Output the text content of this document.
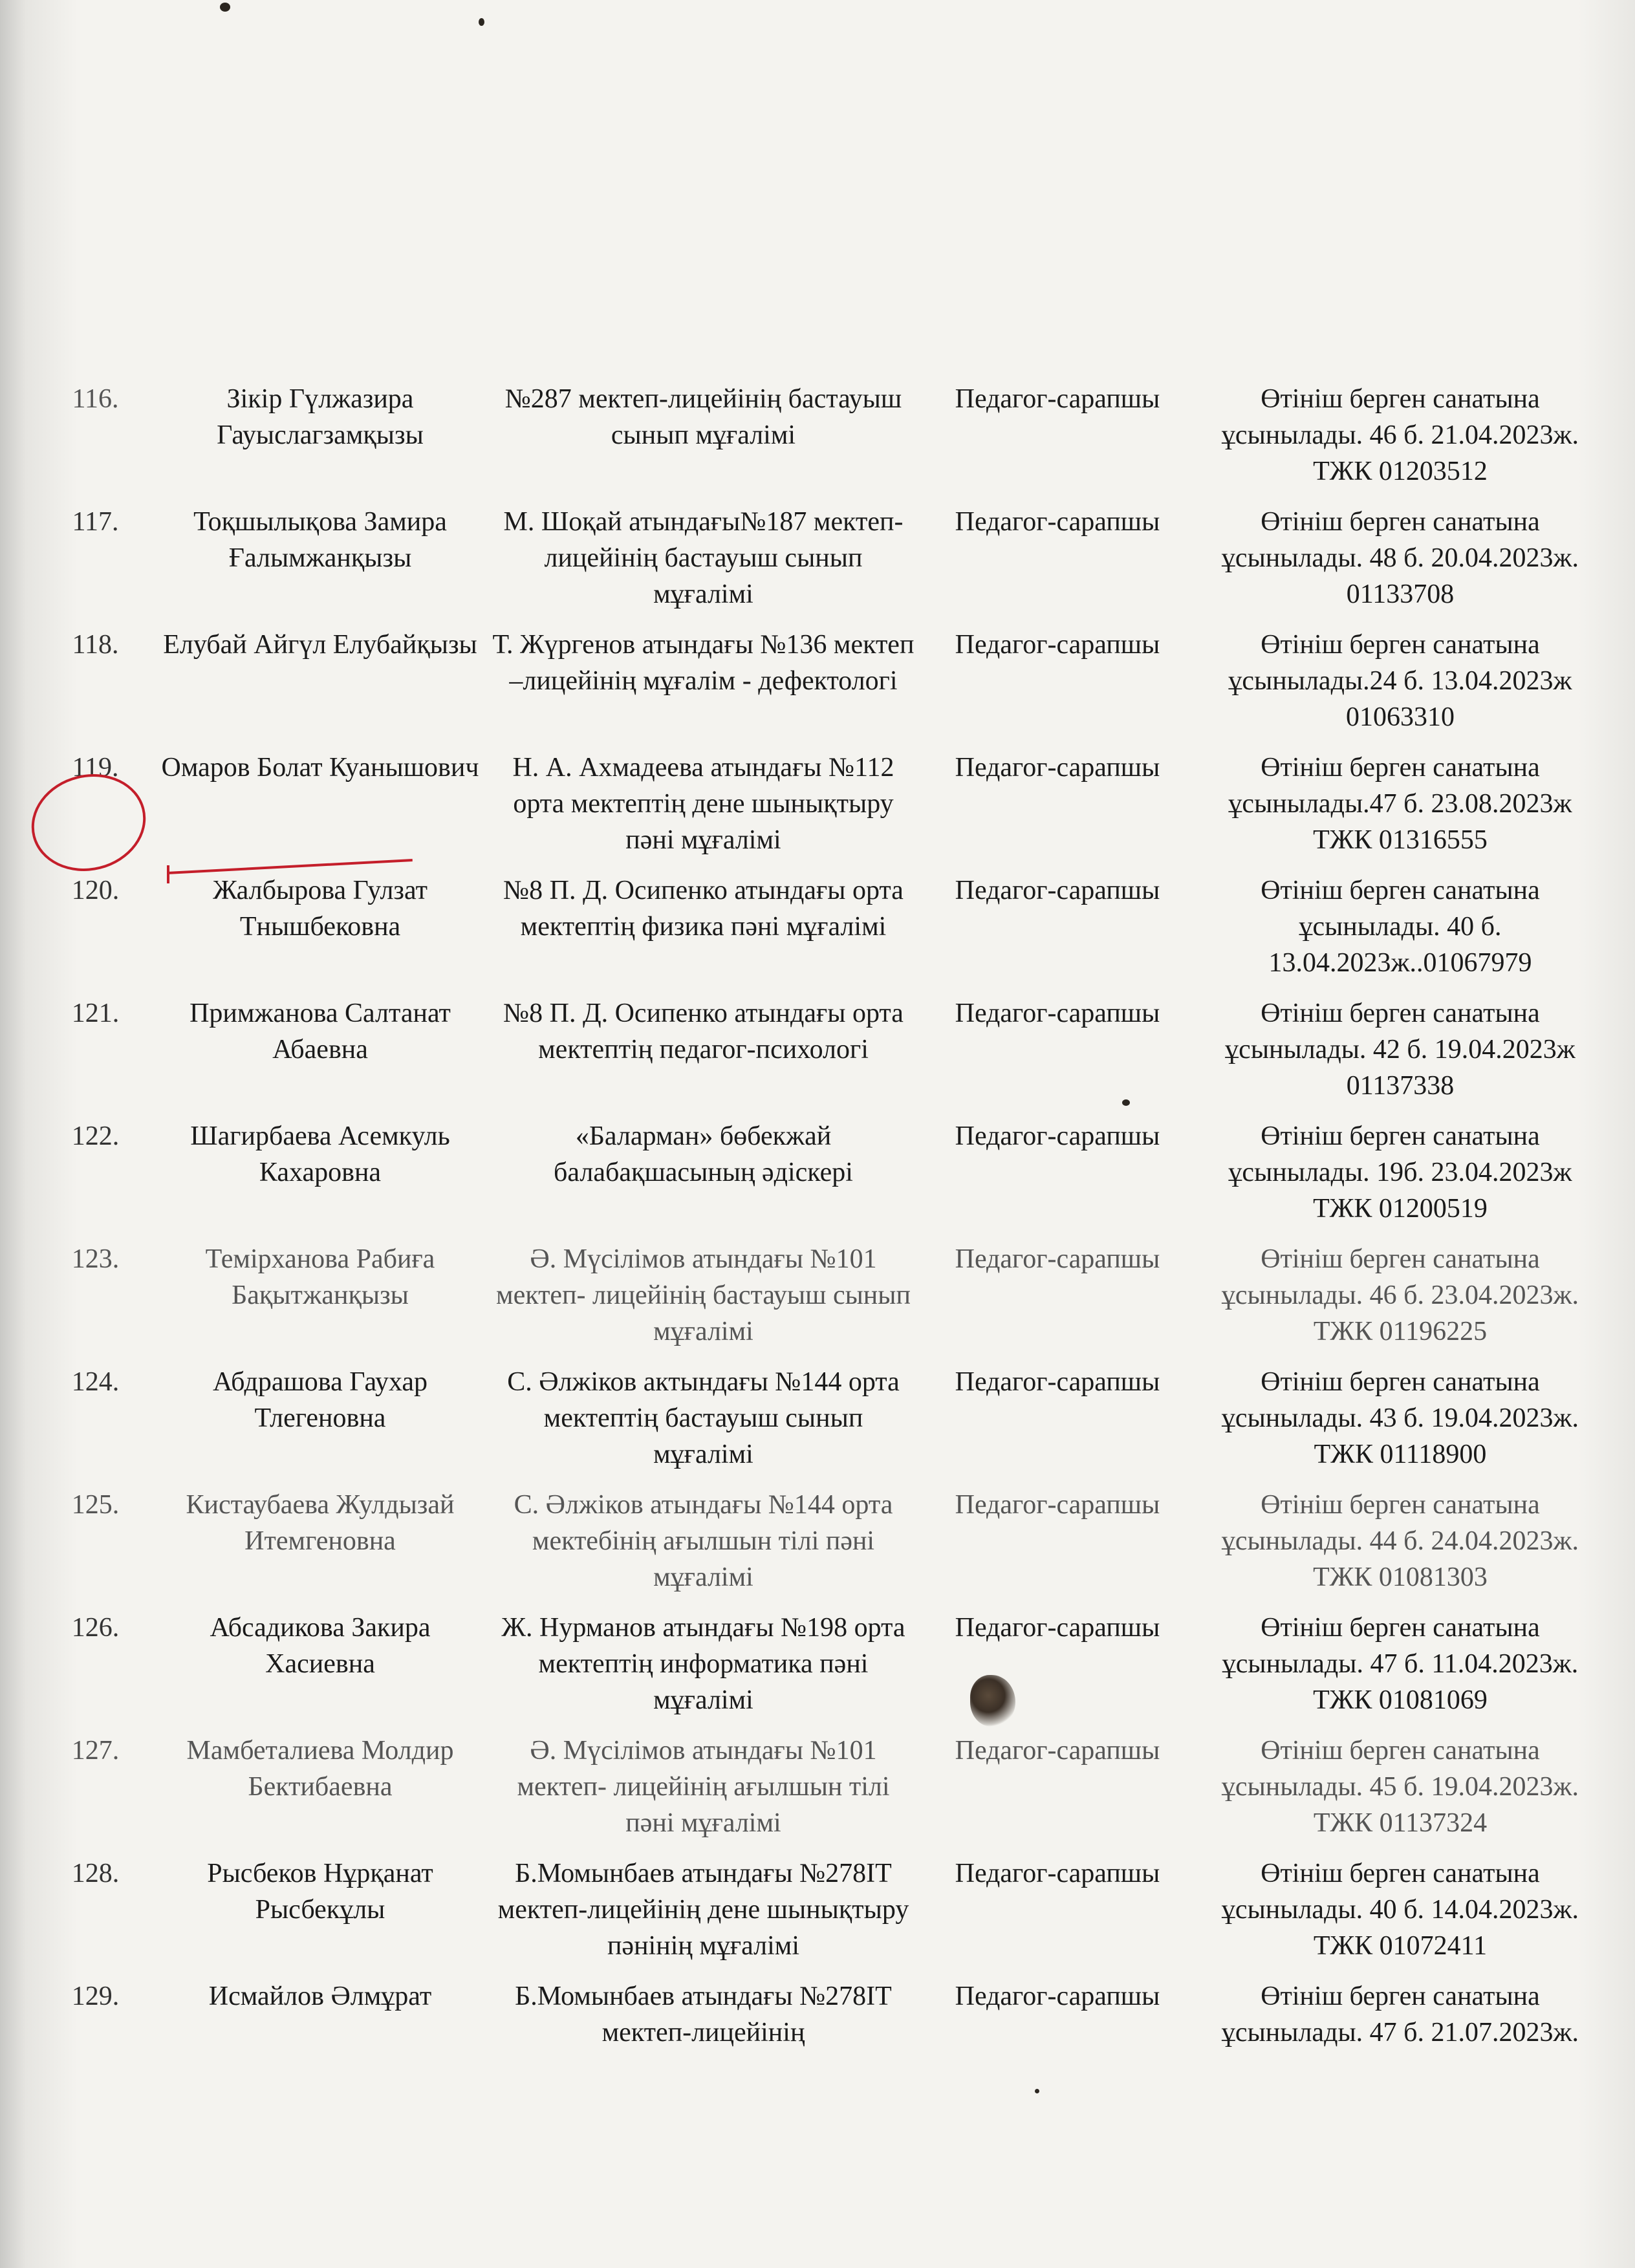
116.	Зікір Гүлжазира Гауыслагзамқызы	№287 мектеп-лицейінің бастауыш сынып мұғалімі	Педагог-сарапшы	Өтініш берген санатына ұсынылады. 46 б. 21.04.2023ж. ТЖК 01203512
117.	Тоқшылықова Замира Ғалымжанқызы	М. Шоқай атындағы№187 мектеп- лицейінің бастауыш сынып мұғалімі	Педагог-сарапшы	Өтініш берген санатына ұсынылады. 48 б. 20.04.2023ж. 01133708
118.	Елубай Айгүл Елубайқызы	Т. Жүргенов атындағы №136 мектеп –лицейінің мұғалім - дефектологі	Педагог-сарапшы	Өтініш берген санатына ұсынылады.24 б. 13.04.2023ж 01063310
119.	Омаров Болат Куанышович	Н. А. Ахмадеева атындағы №112 орта мектептің дене шынықтыру пәні мұғалімі	Педагог-сарапшы	Өтініш берген санатына ұсынылады.47 б. 23.08.2023ж ТЖК 01316555
120.	Жалбырова Гулзат Тнышбековна	№8 П. Д. Осипенко атындағы орта мектептің физика пәні мұғалімі	Педагог-сарапшы	Өтініш берген санатына ұсынылады. 40 б. 13.04.2023ж..01067979
121.	Примжанова Салтанат Абаевна	№8 П. Д. Осипенко атындағы орта мектептің педагог-психологі	Педагог-сарапшы	Өтініш берген санатына ұсынылады. 42 б. 19.04.2023ж 01137338
122.	Шагирбаева Асемкуль Кахаровна	«Баларман» бөбекжай балабақшасының әдіскері	Педагог-сарапшы	Өтініш берген санатына ұсынылады. 19б. 23.04.2023ж ТЖК 01200519
123.	Темірханова Рабиға Бақытжанқызы	Ә. Мүсілімов атындағы №101 мектеп- лицейінің бастауыш сынып мұғалімі	Педагог-сарапшы	Өтініш берген санатына ұсынылады. 46 б. 23.04.2023ж. ТЖК 01196225
124.	Абдрашова Гаухар Тлегеновна	С. Әлжіков актындағы №144 орта мектептің бастауыш сынып мұғалімі	Педагог-сарапшы	Өтініш берген санатына ұсынылады. 43 б. 19.04.2023ж. ТЖК 01118900
125.	Кистаубаева Жулдызай Итемгеновна	С. Әлжіков атындағы №144 орта мектебінің ағылшын тілі пәні мұғалімі	Педагог-сарапшы	Өтініш берген санатына ұсынылады. 44 б. 24.04.2023ж. ТЖК 01081303
126.	Абсадикова Закира Хасиевна	Ж. Нурманов атындағы №198 орта мектептің информатика пәні мұғалімі	Педагог-сарапшы	Өтініш берген санатына ұсынылады. 47 б. 11.04.2023ж. ТЖК 01081069
127.	Мамбеталиева Молдир Бектибаевна	Ә. Мүсілімов атындағы №101 мектеп- лицейінің ағылшын тілі пәні мұғалімі	Педагог-сарапшы	Өтініш берген санатына ұсынылады. 45 б. 19.04.2023ж. ТЖК 01137324
128.	Рысбеков Нұрқанат Рысбекұлы	Б.Момынбаев атындағы №278IT мектеп-лицейінің дене шынықтыру пәнінің мұғалімі	Педагог-сарапшы	Өтініш берген санатына ұсынылады. 40 б. 14.04.2023ж. ТЖК 01072411
129.	Исмайлов Әлмұрат	Б.Момынбаев атындағы №278IT мектеп-лицейінің	Педагог-сарапшы	Өтініш берген санатына ұсынылады. 47 б. 21.07.2023ж.
